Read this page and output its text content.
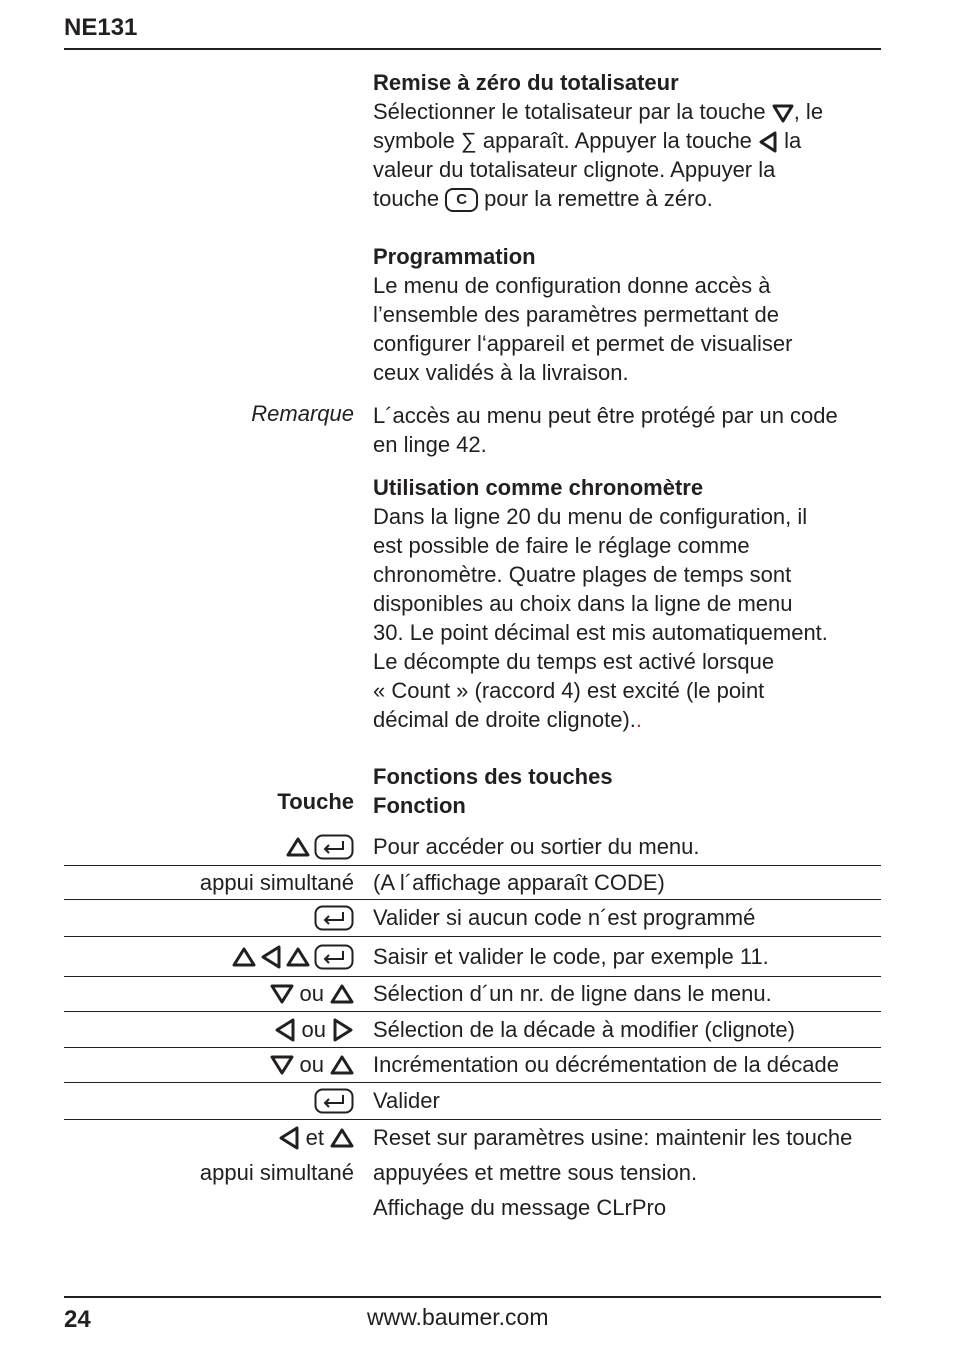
NE131
Remise à zéro du totalisateur

Sélectionner le totalisateur par la touche , le
symbole ∑ apparaît. Appuyer la touche la
valeur du totalisateur clignote. Appuyer la
touche C pour la remettre à zéro.

Programmation

Le menu de configuration donne accès à
l’ensemble des paramètres permettant de
configurer l‘appareil et permet de visualiser
ceux validés à la livraison.

L´accès au menu peut être protégé par un code
en linge 42.

Utilisation comme chronomètre

Dans la ligne 20 du menu de configuration, il
est possible de faire le réglage comme
chronomètre. Quatre plages de temps sont
disponibles au choix dans la ligne de menu
30. Le point décimal est mis automatiquement.
Le décompte du temps est activé lorsque
« Count » (raccord 4) est excité (le point
décimal de droite clignote)..

Fonctions des touches
Fonction
Remarque
Touche
Pour accéder ou sortier du menu.
appui simultané (A l´affichage apparaît CODE)
Valider si aucun code n´est programmé
Saisir et valider le code, par exemple 11.
ou Sélection d´un nr. de ligne dans le menu.
ou Sélection de la décade à modifier (clignote)
ou Incrémentation ou décrémentation de la décade
Valider
et Reset sur paramètres usine: maintenir les touche
appui simultané appuyées et mettre sous tension.
Affichage du message CLrPro
24	www.baumer.com
